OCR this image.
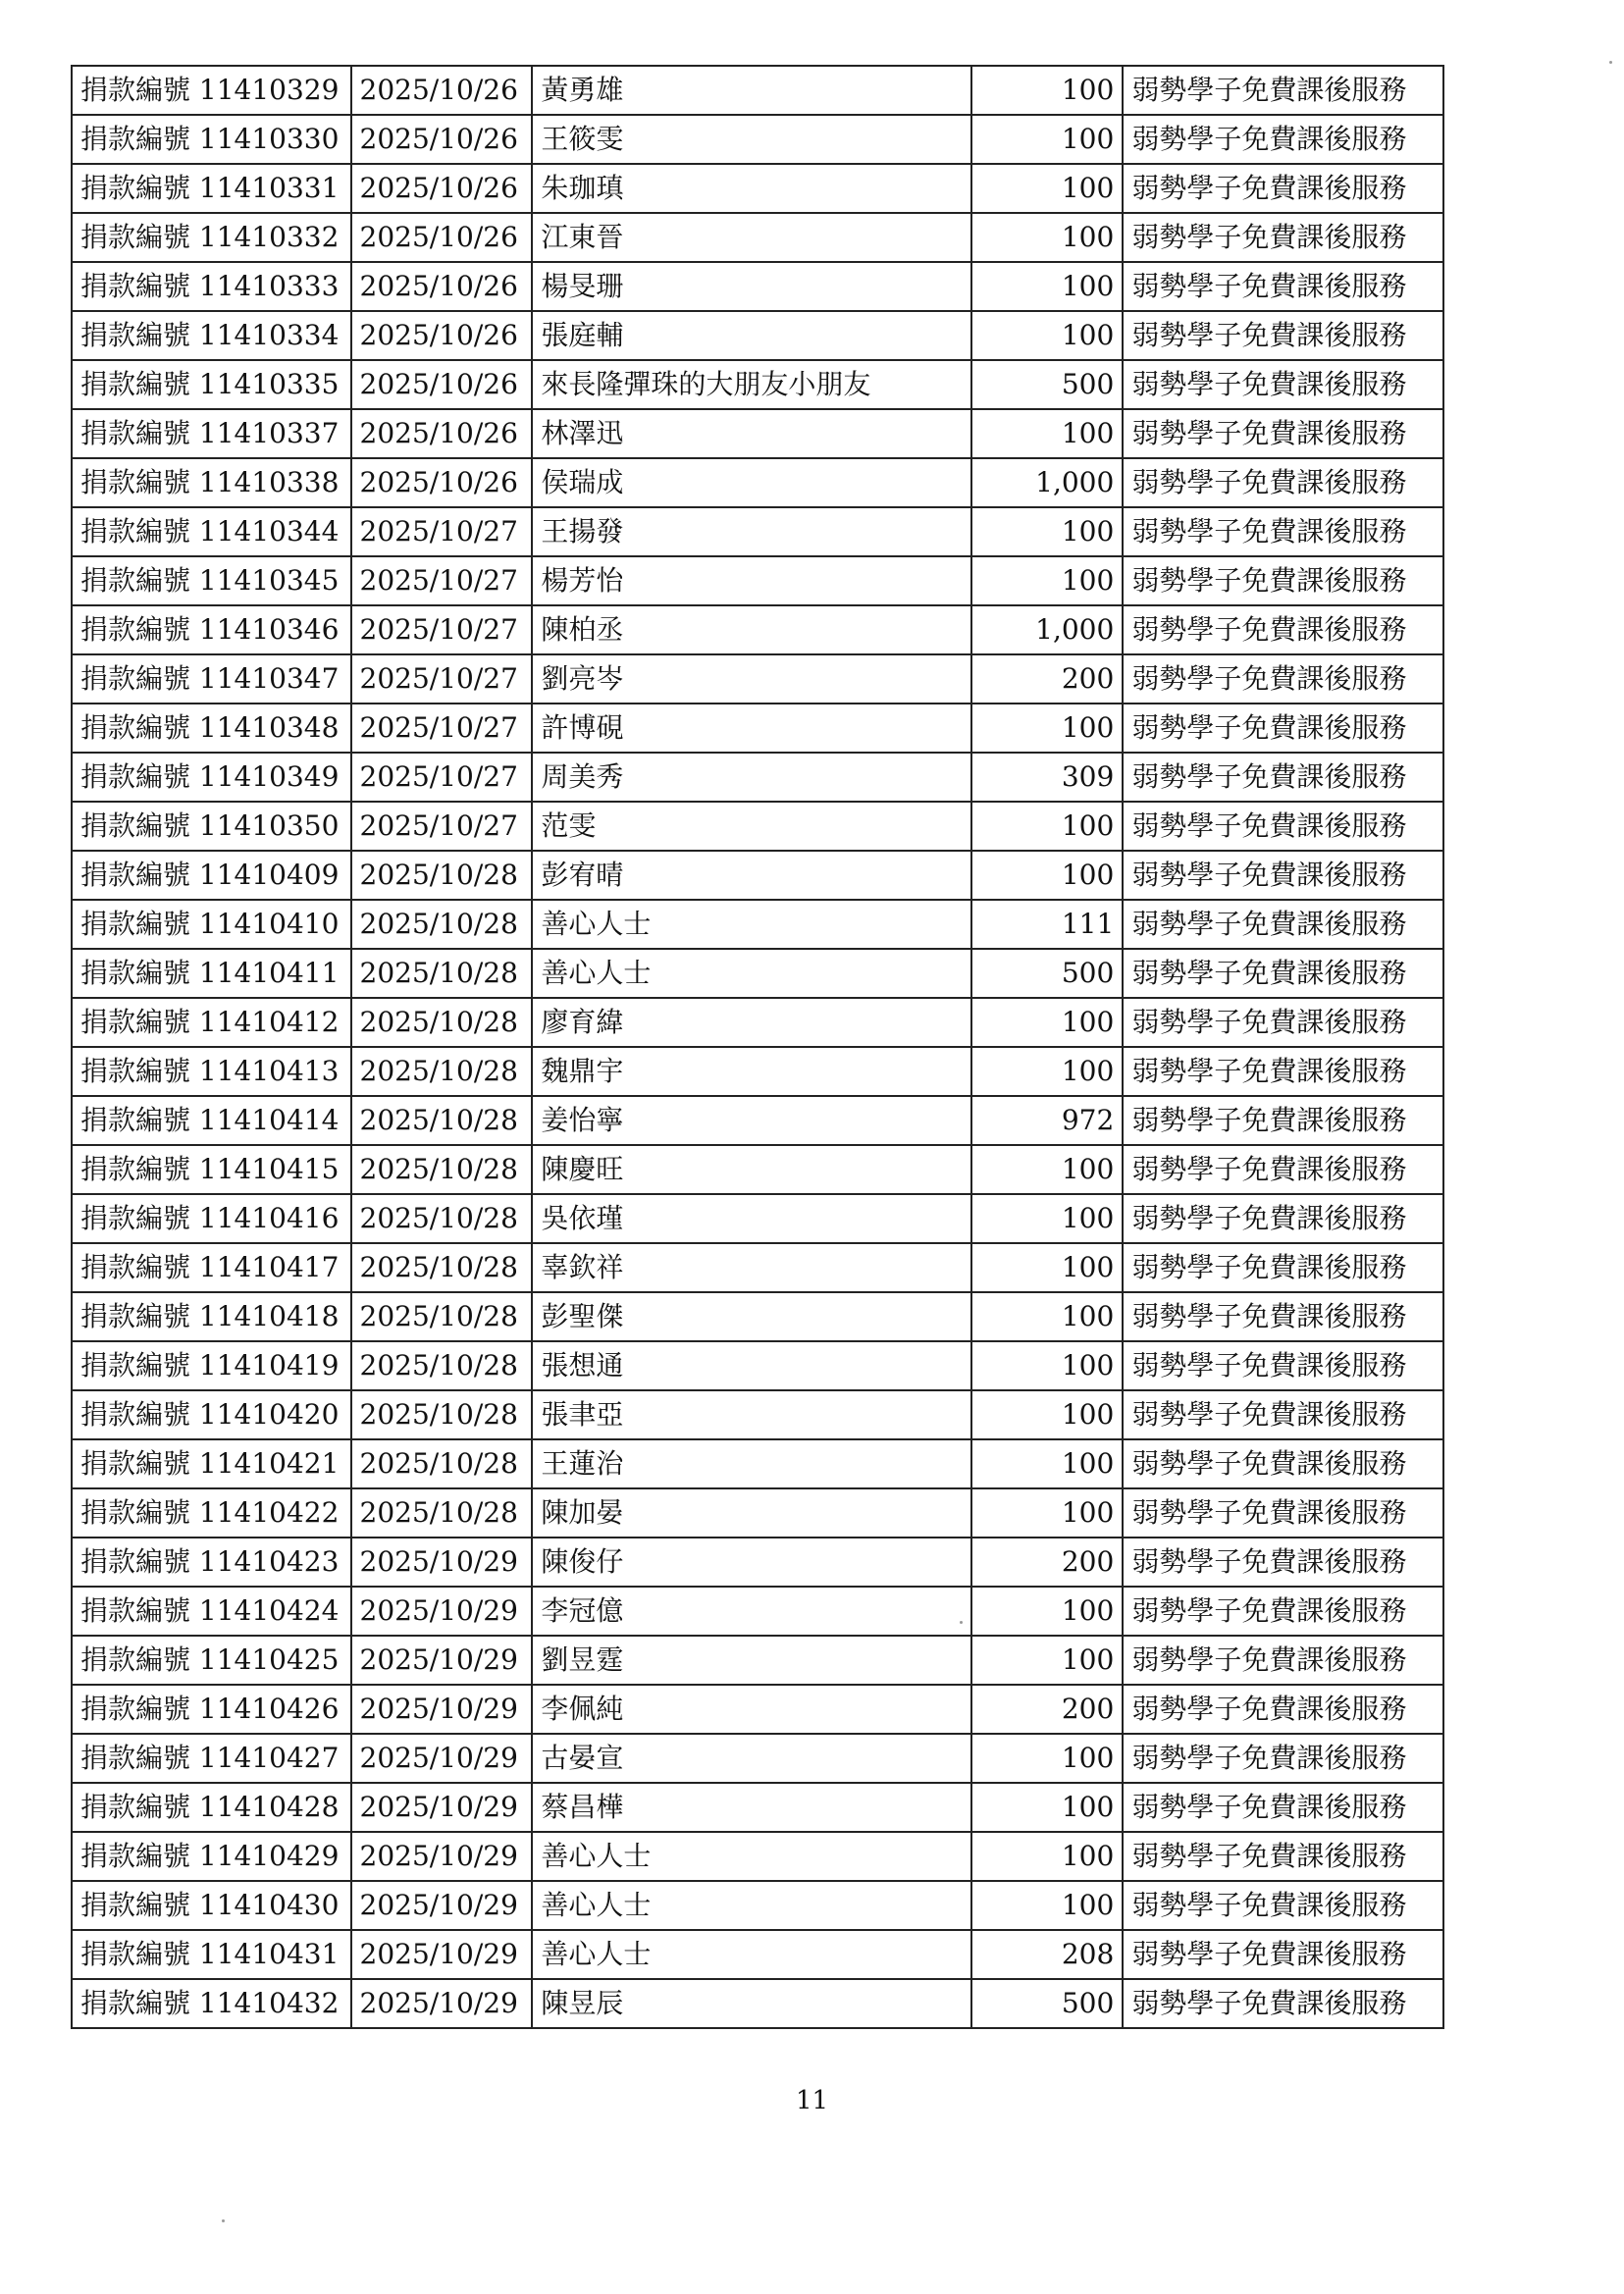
捐款編號 11410329	2025/10/26	黃勇雄	100	弱勢學子免費課後服務
捐款編號 11410330	2025/10/26	王筱雯	100	弱勢學子免費課後服務
捐款編號 11410331	2025/10/26	朱珈瑱	100	弱勢學子免費課後服務
捐款編號 11410332	2025/10/26	江東晉	100	弱勢學子免費課後服務
捐款編號 11410333	2025/10/26	楊旻珊	100	弱勢學子免費課後服務
捐款編號 11410334	2025/10/26	張庭輔	100	弱勢學子免費課後服務
捐款編號 11410335	2025/10/26	來長隆彈珠的大朋友小朋友	500	弱勢學子免費課後服務
捐款編號 11410337	2025/10/26	林澤迅	100	弱勢學子免費課後服務
捐款編號 11410338	2025/10/26	侯瑞成	1,000	弱勢學子免費課後服務
捐款編號 11410344	2025/10/27	王揚發	100	弱勢學子免費課後服務
捐款編號 11410345	2025/10/27	楊芳怡	100	弱勢學子免費課後服務
捐款編號 11410346	2025/10/27	陳柏丞	1,000	弱勢學子免費課後服務
捐款編號 11410347	2025/10/27	劉亮岑	200	弱勢學子免費課後服務
捐款編號 11410348	2025/10/27	許博硯	100	弱勢學子免費課後服務
捐款編號 11410349	2025/10/27	周美秀	309	弱勢學子免費課後服務
捐款編號 11410350	2025/10/27	范雯	100	弱勢學子免費課後服務
捐款編號 11410409	2025/10/28	彭宥晴	100	弱勢學子免費課後服務
捐款編號 11410410	2025/10/28	善心人士	111	弱勢學子免費課後服務
捐款編號 11410411	2025/10/28	善心人士	500	弱勢學子免費課後服務
捐款編號 11410412	2025/10/28	廖育緯	100	弱勢學子免費課後服務
捐款編號 11410413	2025/10/28	魏鼎宇	100	弱勢學子免費課後服務
捐款編號 11410414	2025/10/28	姜怡寧	972	弱勢學子免費課後服務
捐款編號 11410415	2025/10/28	陳慶旺	100	弱勢學子免費課後服務
捐款編號 11410416	2025/10/28	吳依瑾	100	弱勢學子免費課後服務
捐款編號 11410417	2025/10/28	辜欽祥	100	弱勢學子免費課後服務
捐款編號 11410418	2025/10/28	彭聖傑	100	弱勢學子免費課後服務
捐款編號 11410419	2025/10/28	張想通	100	弱勢學子免費課後服務
捐款編號 11410420	2025/10/28	張聿亞	100	弱勢學子免費課後服務
捐款編號 11410421	2025/10/28	王蓮治	100	弱勢學子免費課後服務
捐款編號 11410422	2025/10/28	陳加晏	100	弱勢學子免費課後服務
捐款編號 11410423	2025/10/29	陳俊仔	200	弱勢學子免費課後服務
捐款編號 11410424	2025/10/29	李冠億	100	弱勢學子免費課後服務
捐款編號 11410425	2025/10/29	劉昱霆	100	弱勢學子免費課後服務
捐款編號 11410426	2025/10/29	李佩純	200	弱勢學子免費課後服務
捐款編號 11410427	2025/10/29	古晏宣	100	弱勢學子免費課後服務
捐款編號 11410428	2025/10/29	蔡昌樺	100	弱勢學子免費課後服務
捐款編號 11410429	2025/10/29	善心人士	100	弱勢學子免費課後服務
捐款編號 11410430	2025/10/29	善心人士	100	弱勢學子免費課後服務
捐款編號 11410431	2025/10/29	善心人士	208	弱勢學子免費課後服務
捐款編號 11410432	2025/10/29	陳昱辰	500	弱勢學子免費課後服務
11
